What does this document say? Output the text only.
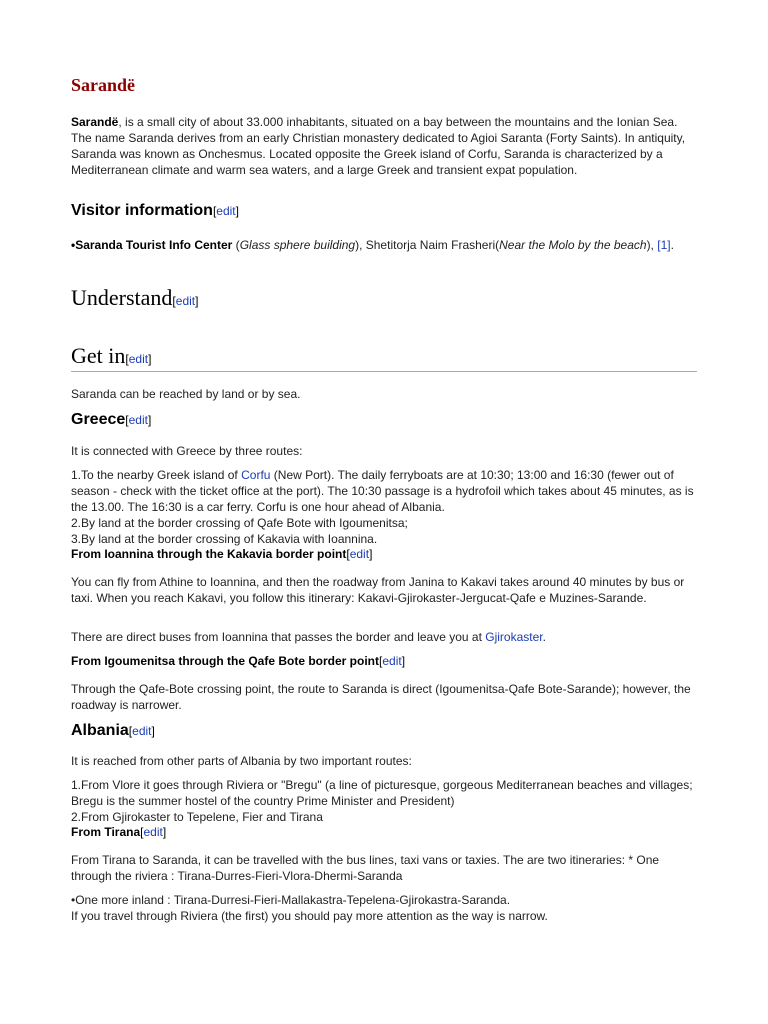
Sarandë

Sarandë, is a small city of about 33.000 inhabitants, situated on a bay between the mountains and the Ionian Sea. The name Saranda derives from an early Christian monastery dedicated to Agioi Saranta (Forty Saints). In antiquity, Saranda was known as Onchesmus. Located opposite the Greek island of Corfu, Saranda is characterized by a Mediterranean climate and warm sea waters, and a large Greek and transient expat population.

Visitor information[edit]

•Saranda Tourist Info Center (Glass sphere building), Shetitorja Naim Frasheri(Near the Molo by the beach), [1].

Understand[edit]
Get in[edit]

Saranda can be reached by land or by sea.

Greece[edit]

It is connected with Greece by three routes:

1.To the nearby Greek island of Corfu (New Port). The daily ferryboats are at 10:30; 13:00 and 16:30 (fewer out of season - check with the ticket office at the port). The 10:30 passage is a hydrofoil which takes about 45 minutes, as is the 13.00. The 16:30 is a car ferry. Corfu is one hour ahead of Albania.
2.By land at the border crossing of Qafe Bote with Igoumenitsa;
3.By land at the border crossing of Kakavia with Ioannina.
From Ioannina through the Kakavia border point[edit]

You can fly from Athine to Ioannina, and then the roadway from Janina to Kakavi takes around 40 minutes by bus or taxi. When you reach Kakavi, you follow this itinerary: Kakavi-Gjirokaster-Jergucat-Qafe e Muzines-Sarande.

There are direct buses from Ioannina that passes the border and leave you at Gjirokaster.

From Igoumenitsa through the Qafe Bote border point[edit]

Through the Qafe-Bote crossing point, the route to Saranda is direct (Igoumenitsa-Qafe Bote-Sarande); however, the roadway is narrower.

Albania[edit]

It is reached from other parts of Albania by two important routes:

1.From Vlore it goes through Riviera or "Bregu" (a line of picturesque, gorgeous Mediterranean beaches and villages; Bregu is the summer hostel of the country Prime Minister and President)
2.From Gjirokaster to Tepelene, Fier and Tirana
From Tirana[edit]

From Tirana to Saranda, it can be travelled with the bus lines, taxi vans or taxies. The are two itineraries: * One through the riviera : Tirana-Durres-Fieri-Vlora-Dhermi-Saranda

•One more inland : Tirana-Durresi-Fieri-Mallakastra-Tepelena-Gjirokastra-Saranda.
If you travel through Riviera (the first) you should pay more attention as the way is narrow.
